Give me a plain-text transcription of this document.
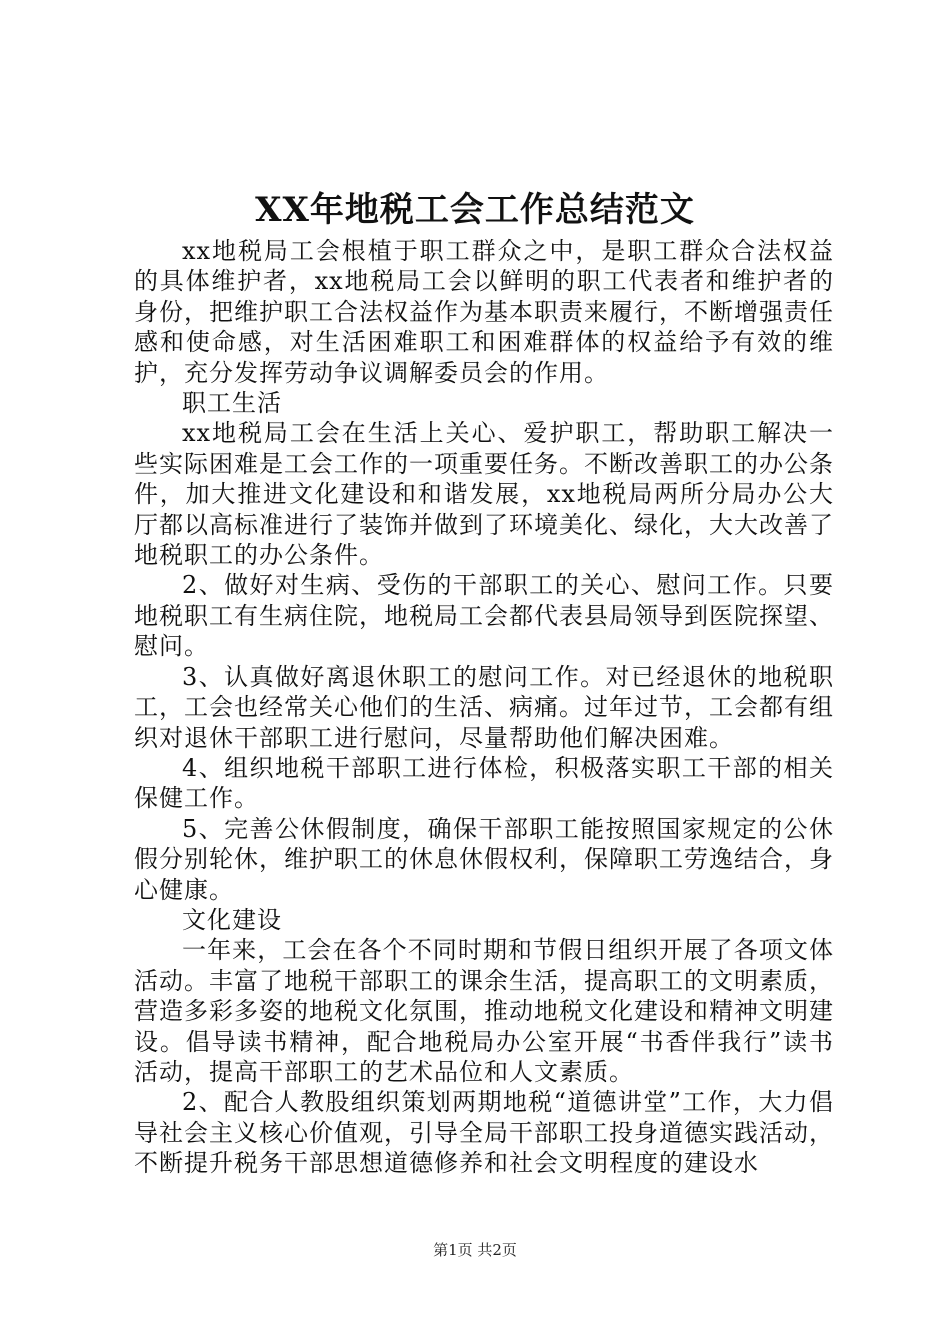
XX年地税工会工作总结范文

xx地税局工会根植于职工群众之中，是职工群众合法权益的具体维护者，xx地税局工会以鲜明的职工代表者和维护者的身份，把维护职工合法权益作为基本职责来履行，不断增强责任感和使命感，对生活困难职工和困难群体的权益给予有效的维护，充分发挥劳动争议调解委员会的作用。

职工生活

xx地税局工会在生活上关心、爱护职工，帮助职工解决一些实际困难是工会工作的一项重要任务。不断改善职工的办公条件，加大推进文化建设和和谐发展，xx地税局两所分局办公大厅都以高标准进行了装饰并做到了环境美化、绿化，大大改善了地税职工的办公条件。

2、做好对生病、受伤的干部职工的关心、慰问工作。只要地税职工有生病住院，地税局工会都代表县局领导到医院探望、慰问。

3、认真做好离退休职工的慰问工作。对已经退休的地税职工，工会也经常关心他们的生活、病痛。过年过节，工会都有组织对退休干部职工进行慰问，尽量帮助他们解决困难。

4、组织地税干部职工进行体检，积极落实职工干部的相关保健工作。

5、完善公休假制度，确保干部职工能按照国家规定的公休假分别轮休，维护职工的休息休假权利，保障职工劳逸结合，身心健康。

文化建设

一年来，工会在各个不同时期和节假日组织开展了各项文体活动。丰富了地税干部职工的课余生活，提高职工的文明素质，营造多彩多姿的地税文化氛围，推动地税文化建设和精神文明建设。倡导读书精神，配合地税局办公室开展“书香伴我行”读书活动，提高干部职工的艺术品位和人文素质。

2、配合人教股组织策划两期地税“道德讲堂”工作，大力倡导社会主义核心价值观，引导全局干部职工投身道德实践活动，不断提升税务干部思想道德修养和社会文明程度的建设水

第1页 共2页
